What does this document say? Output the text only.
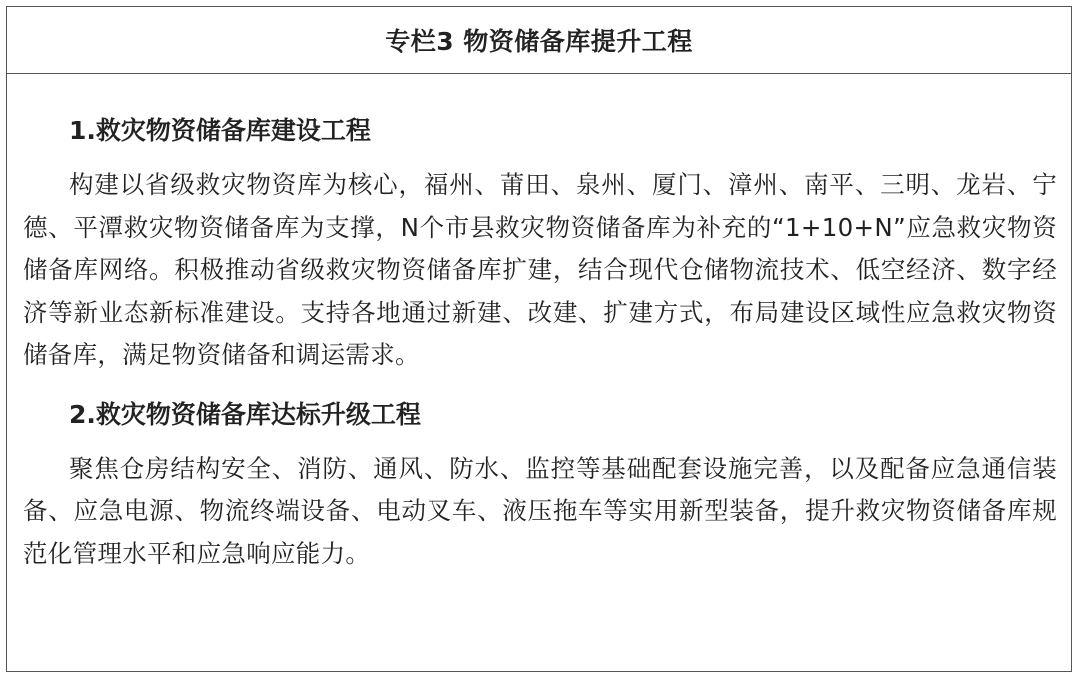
专栏3 物资储备库提升工程

1.救灾物资储备库建设工程

构建以省级救灾物资库为核心，福州、莆田、泉州、厦门、漳州、南平、三明、龙岩、宁德、平潭救灾物资储备库为支撑，N个市县救灾物资储备库为补充的“1+10+N”应急救灾物资储备库网络。积极推动省级救灾物资储备库扩建，结合现代仓储物流技术、低空经济、数字经济等新业态新标准建设。支持各地通过新建、改建、扩建方式，布局建设区域性应急救灾物资储备库，满足物资储备和调运需求。

2.救灾物资储备库达标升级工程

聚焦仓房结构安全、消防、通风、防水、监控等基础配套设施完善，以及配备应急通信装备、应急电源、物流终端设备、电动叉车、液压拖车等实用新型装备，提升救灾物资储备库规范化管理水平和应急响应能力。
